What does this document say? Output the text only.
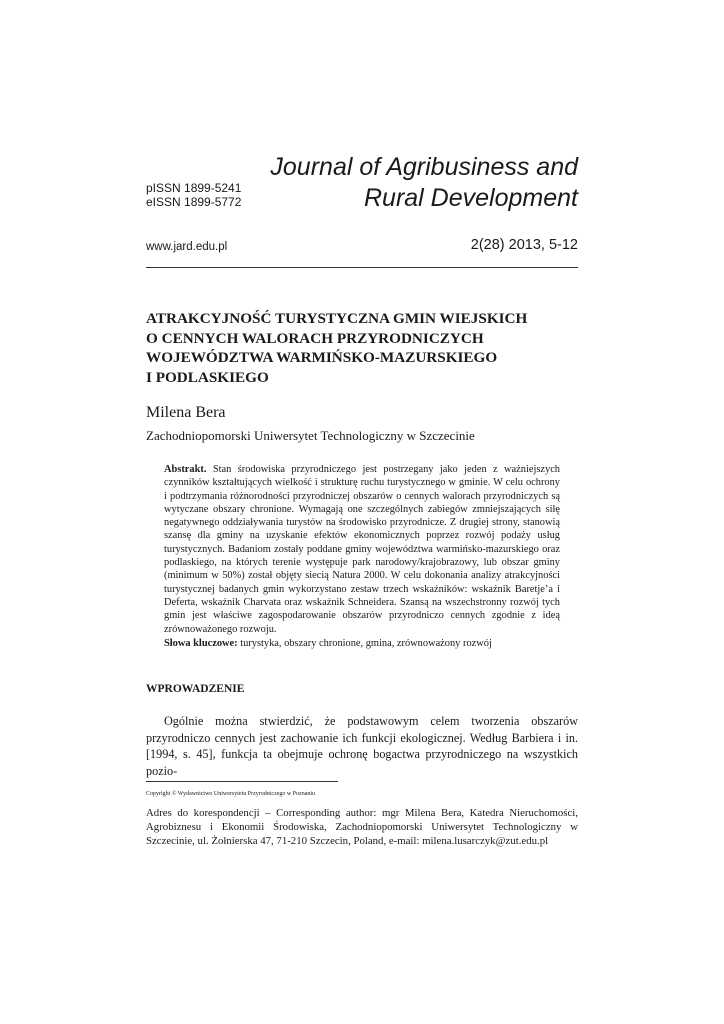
pISSN 1899-5241
eISSN 1899-5772
Journal of Agribusiness and
Rural Development
www.jard.edu.pl	2(28) 2013, 5-12
ATRAKCYJNOŚĆ TURYSTYCZNA GMIN WIEJSKICH
O CENNYCH WALORACH PRZYRODNICZYCH
WOJEWÓDZTWA WARMIŃSKO-MAZURSKIEGO
I PODLASKIEGO
Milena Bera
Zachodniopomorski Uniwersytet Technologiczny w Szczecinie
Abstrakt. Stan środowiska przyrodniczego jest postrzegany jako jeden z ważniejszych czynników kształtujących wielkość i strukturę ruchu turystycznego w gminie. W celu ochrony i podtrzymania różnorodności przyrodniczej obszarów o cennych walorach przyrodniczych są wytyczane obszary chronione. Wymagają one szczególnych zabiegów zmniejszających siłę negatywnego oddziaływania turystów na środowisko przyrodnicze. Z drugiej strony, stanowią szansę dla gminy na uzyskanie efektów ekonomicznych poprzez rozwój podaży usług turystycznych. Badaniom zostały poddane gminy województwa warmińsko-mazurskiego oraz podlaskiego, na których terenie występuje park narodowy/krajobrazowy, lub obszar gminy (minimum w 50%) został objęty siecią Natura 2000. W celu dokonania analizy atrakcyjności turystycznej badanych gmin wykorzystano zestaw trzech wskaźników: wskaźnik Baretje’a i Deferta, wskaźnik Charvata oraz wskaźnik Schneidera. Szansą na wszechstronny rozwój tych gmin jest właściwe zagospodarowanie obszarów przyrodniczo cennych zgodnie z ideą zrównoważonego rozwoju.
Słowa kluczowe: turystyka, obszary chronione, gmina, zrównoważony rozwój
WPROWADZENIE
Ogólnie można stwierdzić, że podstawowym celem tworzenia obszarów przyrodniczo cennych jest zachowanie ich funkcji ekologicznej. Według Barbiera i in. [1994, s. 45], funkcja ta obejmuje ochronę bogactwa przyrodniczego na wszystkich pozio-
Copyright © Wydawnictwo Uniwersytetu Przyrodniczego w Poznaniu
Adres do korespondencji – Corresponding author: mgr Milena Bera, Katedra Nieruchomości, Agrobiznesu i Ekonomii Środowiska, Zachodniopomorski Uniwersytet Technologiczny w Szczecinie, ul. Żołnierska 47, 71-210 Szczecin, Poland, e-mail: milena.lusarczyk@zut.edu.pl
